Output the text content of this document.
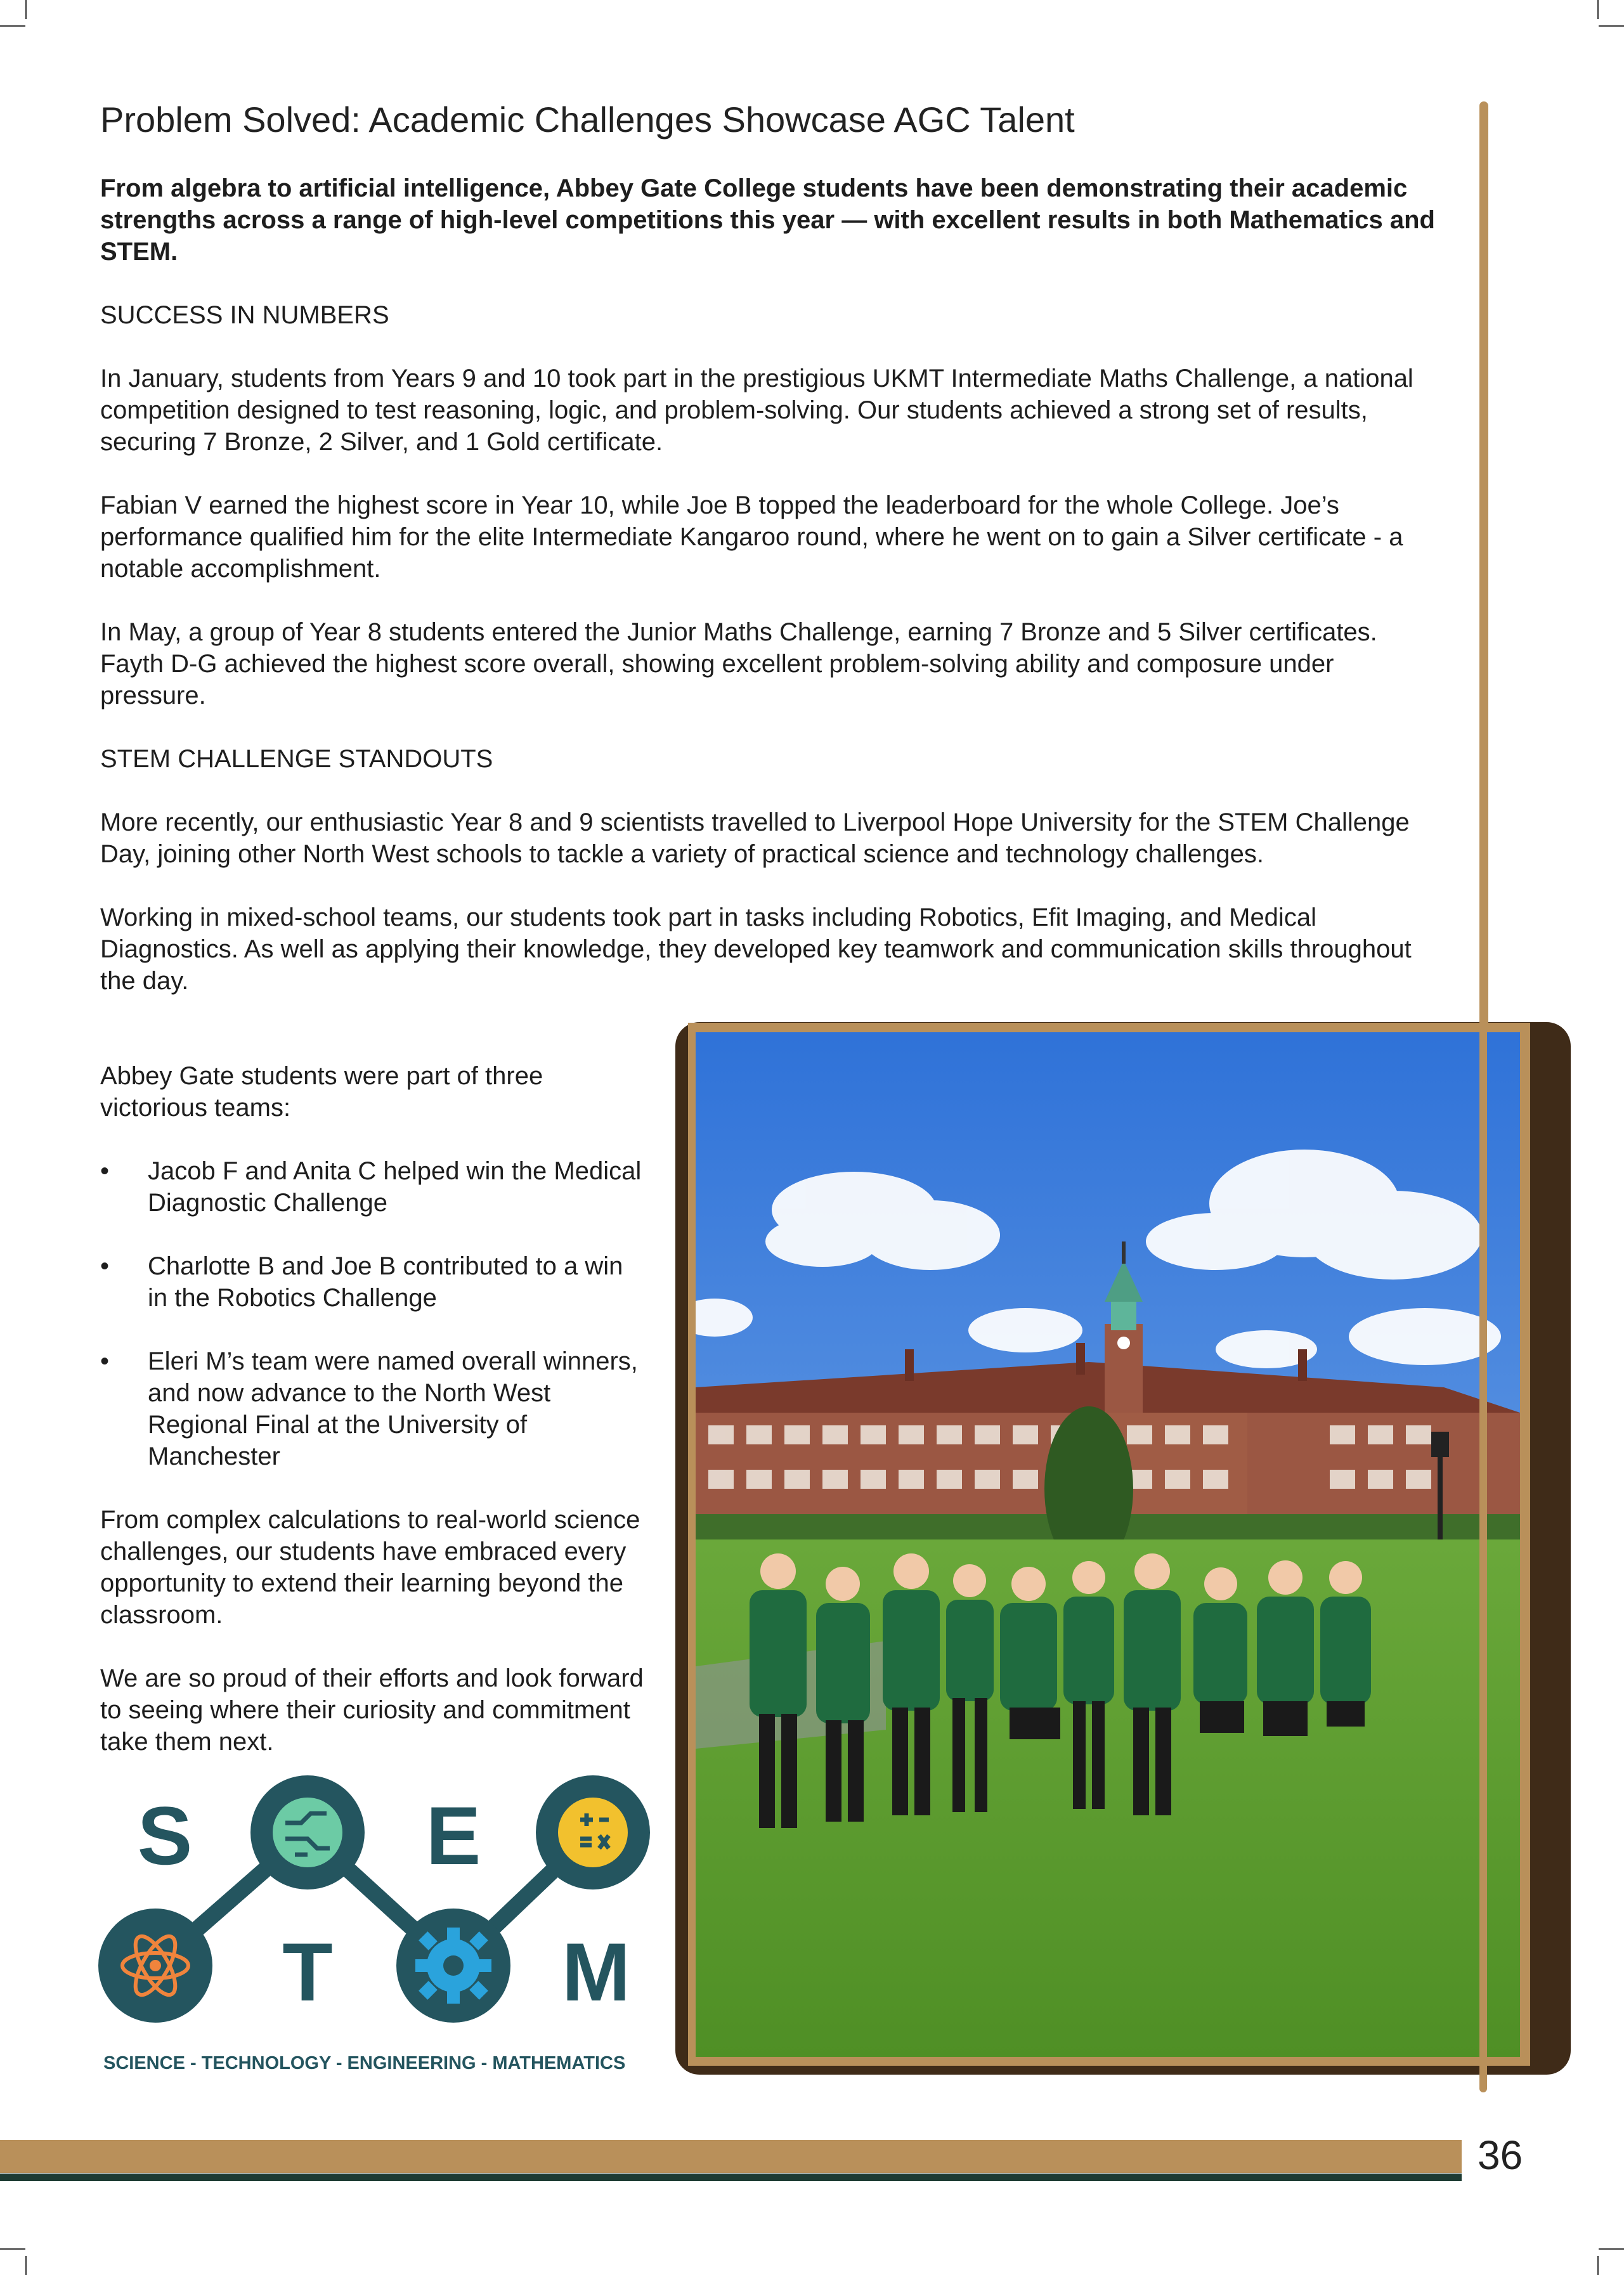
Problem Solved: Academic Challenges Showcase AGC Talent

From algebra to artificial intelligence, Abbey Gate College students have been demonstrating their academic strengths across a range of high-level competitions this year — with excellent results in both Mathematics and STEM.

SUCCESS IN NUMBERS

In January, students from Years 9 and 10 took part in the prestigious UKMT Intermediate Maths Challenge, a national competition designed to test reasoning, logic, and problem-solving. Our students achieved a strong set of results, securing 7 Bronze, 2 Silver, and 1 Gold certificate.

Fabian V earned the highest score in Year 10, while Joe B topped the leaderboard for the whole College. Joe’s performance qualified him for the elite Intermediate Kangaroo round, where he went on to gain a Silver certificate - a notable accomplishment.

In May, a group of Year 8 students entered the Junior Maths Challenge, earning 7 Bronze and 5 Silver certificates. Fayth D-G achieved the highest score overall, showing excellent problem-solving ability and composure under pressure.

STEM CHALLENGE STANDOUTS

More recently, our enthusiastic Year 8 and 9 scientists travelled to Liverpool Hope University for the STEM Challenge Day, joining other North West schools to tackle a variety of practical science and technology challenges.

Working in mixed-school teams, our students took part in tasks including Robotics, Efit Imaging, and Medical Diagnostics. As well as applying their knowledge, they developed key teamwork and communication skills throughout the day.

Abbey Gate students were part of three victorious teams:

• Jacob F and Anita C helped win the Medical Diagnostic Challenge
• Charlotte B and Joe B contributed to a win in the Robotics Challenge
• Eleri M’s team were named overall winners, and now advance to the North West Regional Final at the University of Manchester

From complex calculations to real-world science challenges, our students have embraced every opportunity to extend their learning beyond the classroom.

We are so proud of their efforts and look forward to seeing where their curiosity and commitment take them next.

S	E
T	M
SCIENCE - TECHNOLOGY - ENGINEERING - MATHEMATICS
36
